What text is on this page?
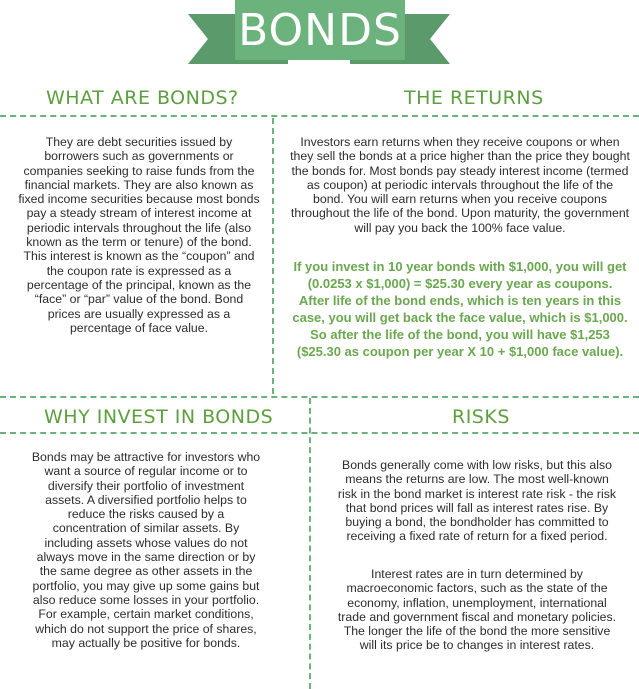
BONDS
WHAT ARE BONDS?	THE RETURNS
They are debt securities issued by borrowers such as governments or companies seeking to raise funds from the financial markets. They are also known as fixed income securities because most bonds pay a steady stream of interest income at periodic intervals throughout the life (also known as the term or tenure) of the bond. This interest is known as the “coupon” and the coupon rate is expressed as a percentage of the principal, known as the “face” or “par” value of the bond. Bond prices are usually expressed as a percentage of face value.
Investors earn returns when they receive coupons or when they sell the bonds at a price higher than the price they bought the bonds for. Most bonds pay steady interest income (termed as coupon) at periodic intervals throughout the life of the bond. You will earn returns when you receive coupons throughout the life of the bond. Upon maturity, the government will pay you back the 100% face value.
If you invest in 10 year bonds with $1,000, you will get (0.0253 x $1,000) = $25.30 every year as coupons. After life of the bond ends, which is ten years in this case, you will get back the face value, which is $1,000. So after the life of the bond, you will have $1,253 ($25.30 as coupon per year X 10 + $1,000 face value).
WHY INVEST IN BONDS	RISKS
Bonds may be attractive for investors who want a source of regular income or to diversify their portfolio of investment assets. A diversified portfolio helps to reduce the risks caused by a concentration of similar assets. By including assets whose values do not always move in the same direction or by the same degree as other assets in the portfolio, you may give up some gains but also reduce some losses in your portfolio. For example, certain market conditions, which do not support the price of shares, may actually be positive for bonds.
Bonds generally come with low risks, but this also means the returns are low. The most well-known risk in the bond market is interest rate risk - the risk that bond prices will fall as interest rates rise. By buying a bond, the bondholder has committed to receiving a fixed rate of return for a fixed period.
Interest rates are in turn determined by macroeconomic factors, such as the state of the economy, inflation, unemployment, international trade and government fiscal and monetary policies. The longer the life of the bond the more sensitive will its price be to changes in interest rates.
